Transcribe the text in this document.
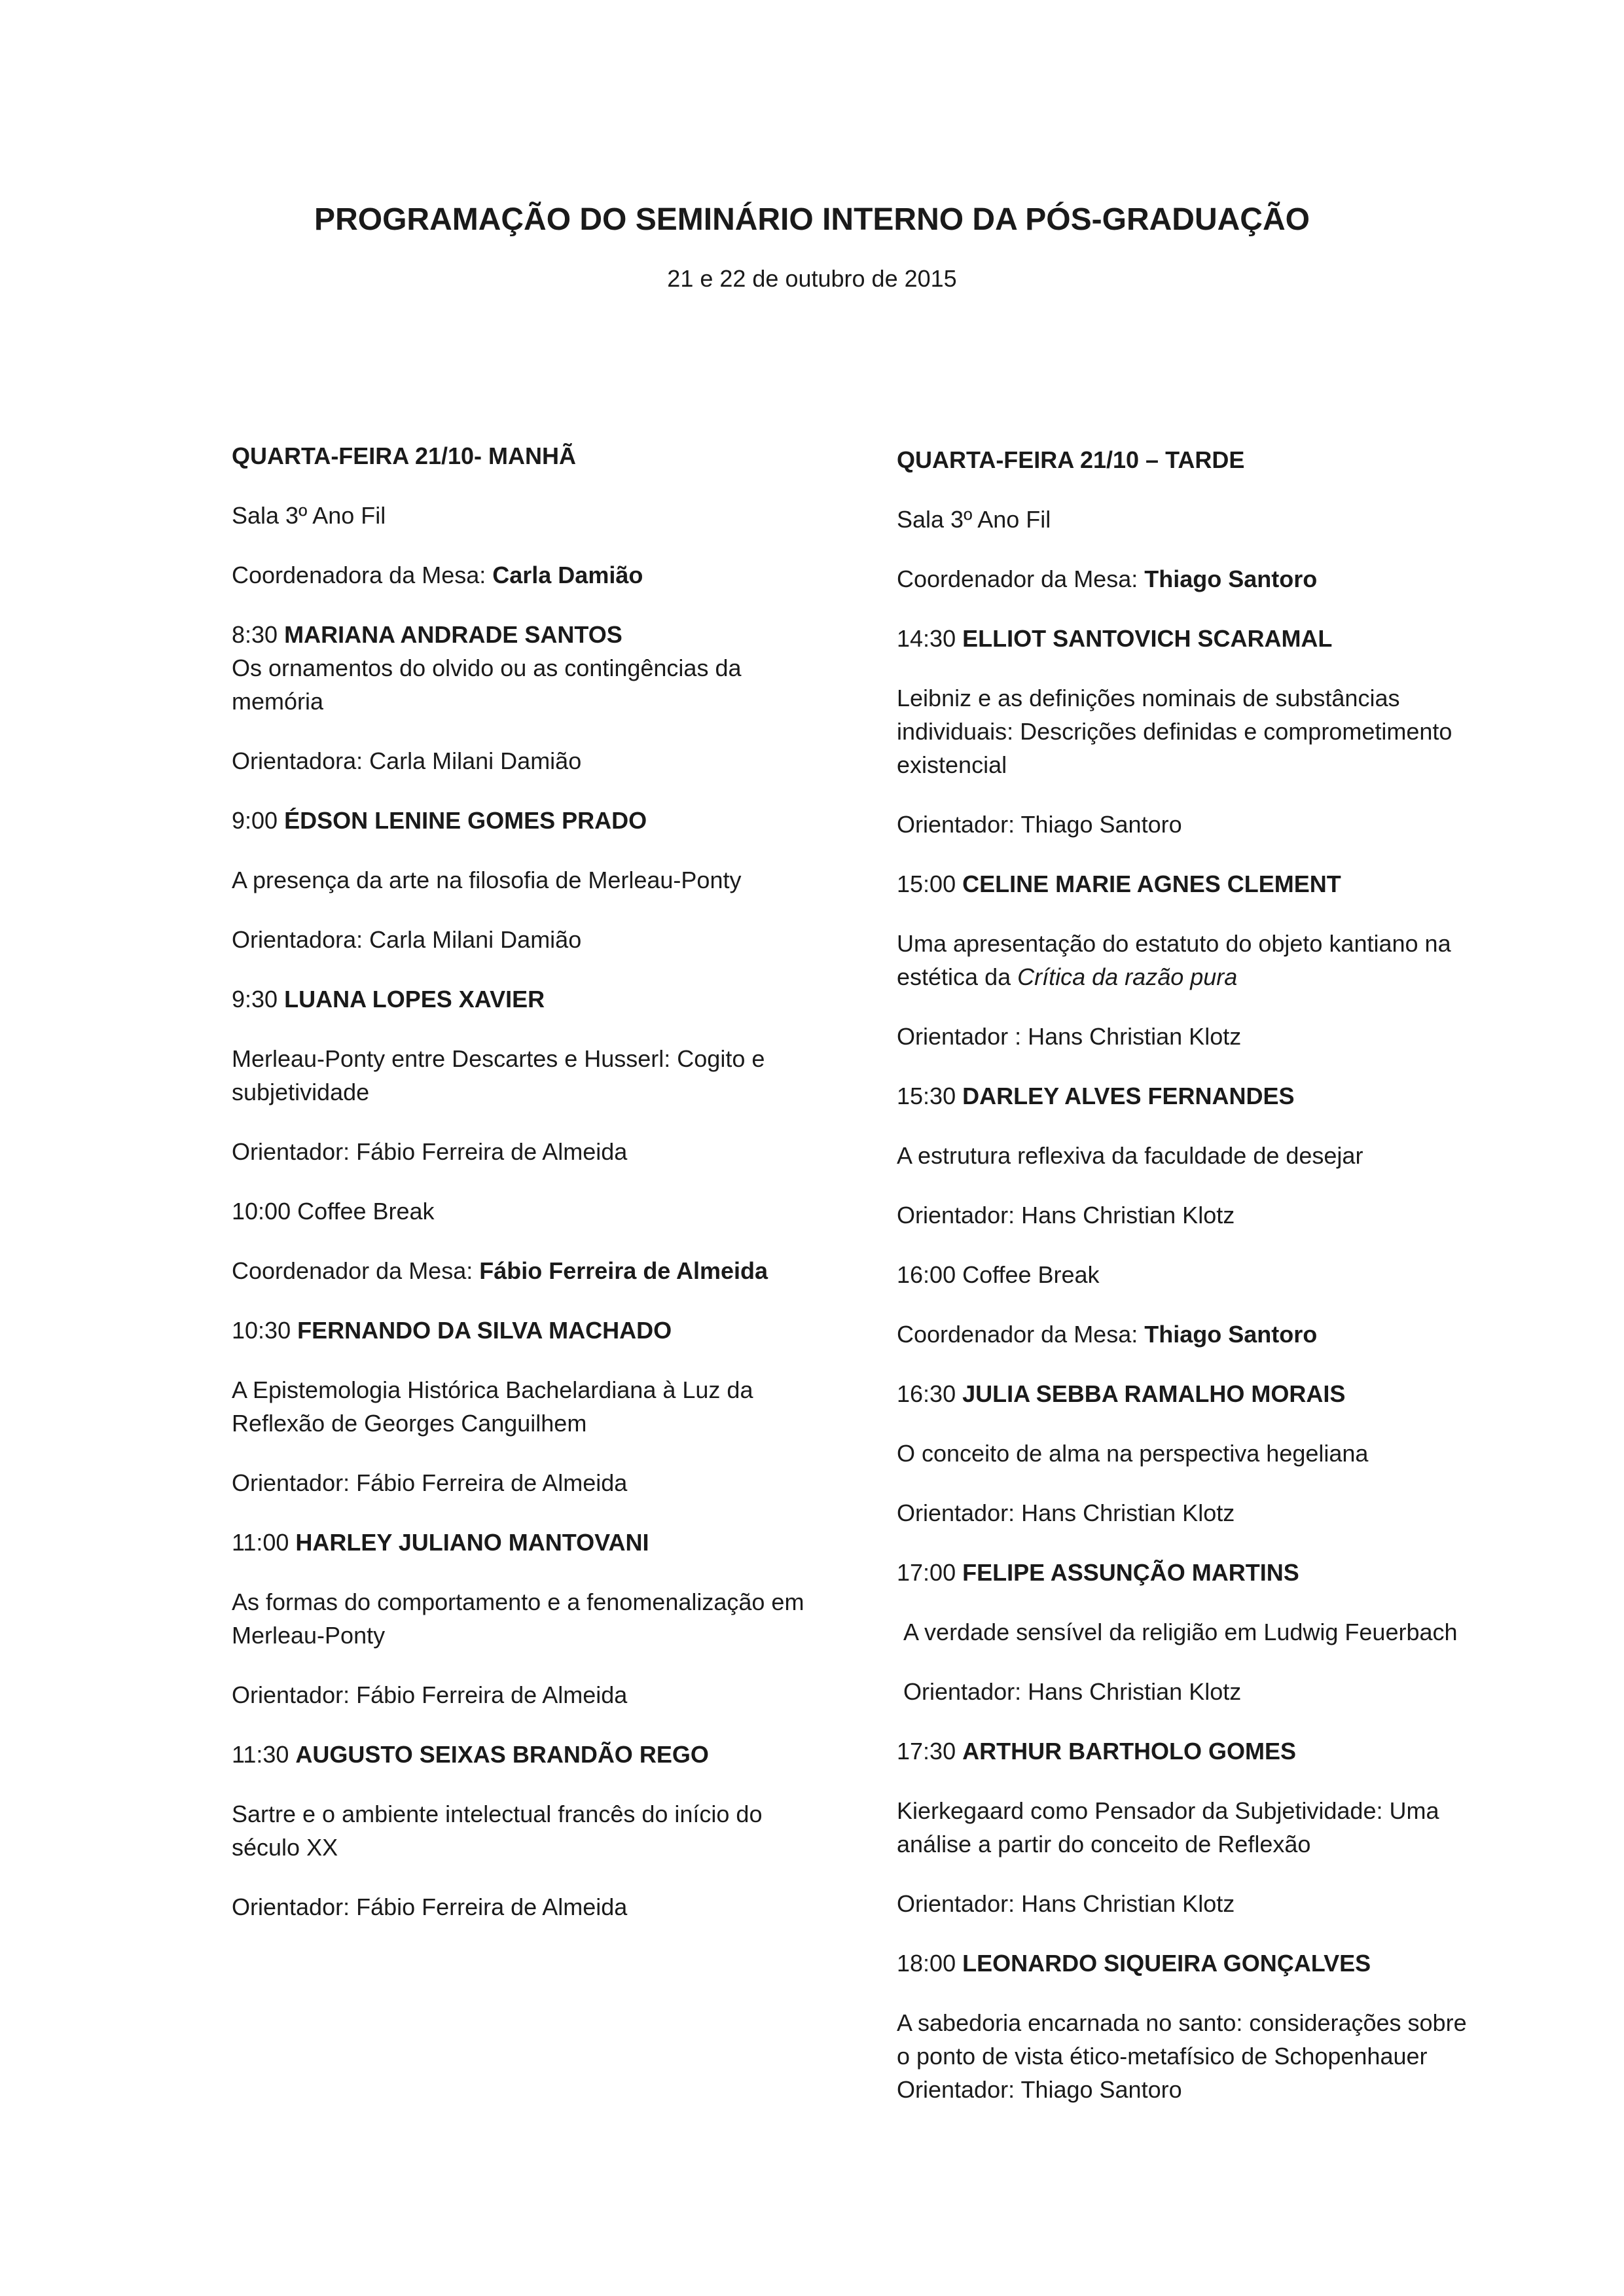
PROGRAMAÇÃO DO SEMINÁRIO INTERNO DA PÓS-GRADUAÇÃO

21 e 22 de outubro de 2015

QUARTA-FEIRA 21/10- MANHÃ

Sala 3º Ano Fil

Coordenadora da Mesa: Carla Damião

8:30 MARIANA ANDRADE SANTOS

Os ornamentos do olvido ou as contingências da memória

Orientadora: Carla Milani Damião

9:00 ÉDSON LENINE GOMES PRADO

A presença da arte na filosofia de Merleau-Ponty

Orientadora: Carla Milani Damião

9:30 LUANA LOPES XAVIER

Merleau-Ponty entre Descartes e Husserl: Cogito e subjetividade

Orientador: Fábio Ferreira de Almeida

10:00 Coffee Break

Coordenador da Mesa: Fábio Ferreira de Almeida

10:30 FERNANDO DA SILVA MACHADO

A Epistemologia Histórica Bachelardiana à Luz da Reflexão de Georges Canguilhem

Orientador: Fábio Ferreira de Almeida

11:00 HARLEY JULIANO MANTOVANI

As formas do comportamento e a fenomenalização em Merleau-Ponty

Orientador: Fábio Ferreira de Almeida

11:30 AUGUSTO SEIXAS BRANDÃO REGO

Sartre e o ambiente intelectual francês do início do século XX

Orientador: Fábio Ferreira de Almeida

QUARTA-FEIRA 21/10 – TARDE

Sala 3º Ano Fil

Coordenador da Mesa: Thiago Santoro

14:30 ELLIOT SANTOVICH SCARAMAL

Leibniz e as definições nominais de substâncias individuais: Descrições definidas e comprometimento existencial

Orientador: Thiago Santoro

15:00 CELINE MARIE AGNES CLEMENT

Uma apresentação do estatuto do objeto kantiano na estética da Crítica da razão pura

Orientador : Hans Christian Klotz

15:30 DARLEY ALVES FERNANDES

A estrutura reflexiva da faculdade de desejar

Orientador: Hans Christian Klotz

16:00 Coffee Break

Coordenador da Mesa: Thiago Santoro

16:30 JULIA SEBBA RAMALHO MORAIS

O conceito de alma na perspectiva hegeliana

Orientador: Hans Christian Klotz

17:00 FELIPE ASSUNÇÃO MARTINS

A verdade sensível da religião em Ludwig Feuerbach

Orientador: Hans Christian Klotz

17:30 ARTHUR BARTHOLO GOMES

Kierkegaard como Pensador da Subjetividade: Uma análise a partir do conceito de Reflexão

Orientador: Hans Christian Klotz

18:00 LEONARDO SIQUEIRA GONÇALVES

A sabedoria encarnada no santo: considerações sobre o ponto de vista ético-metafísico de Schopenhauer Orientador: Thiago Santoro
